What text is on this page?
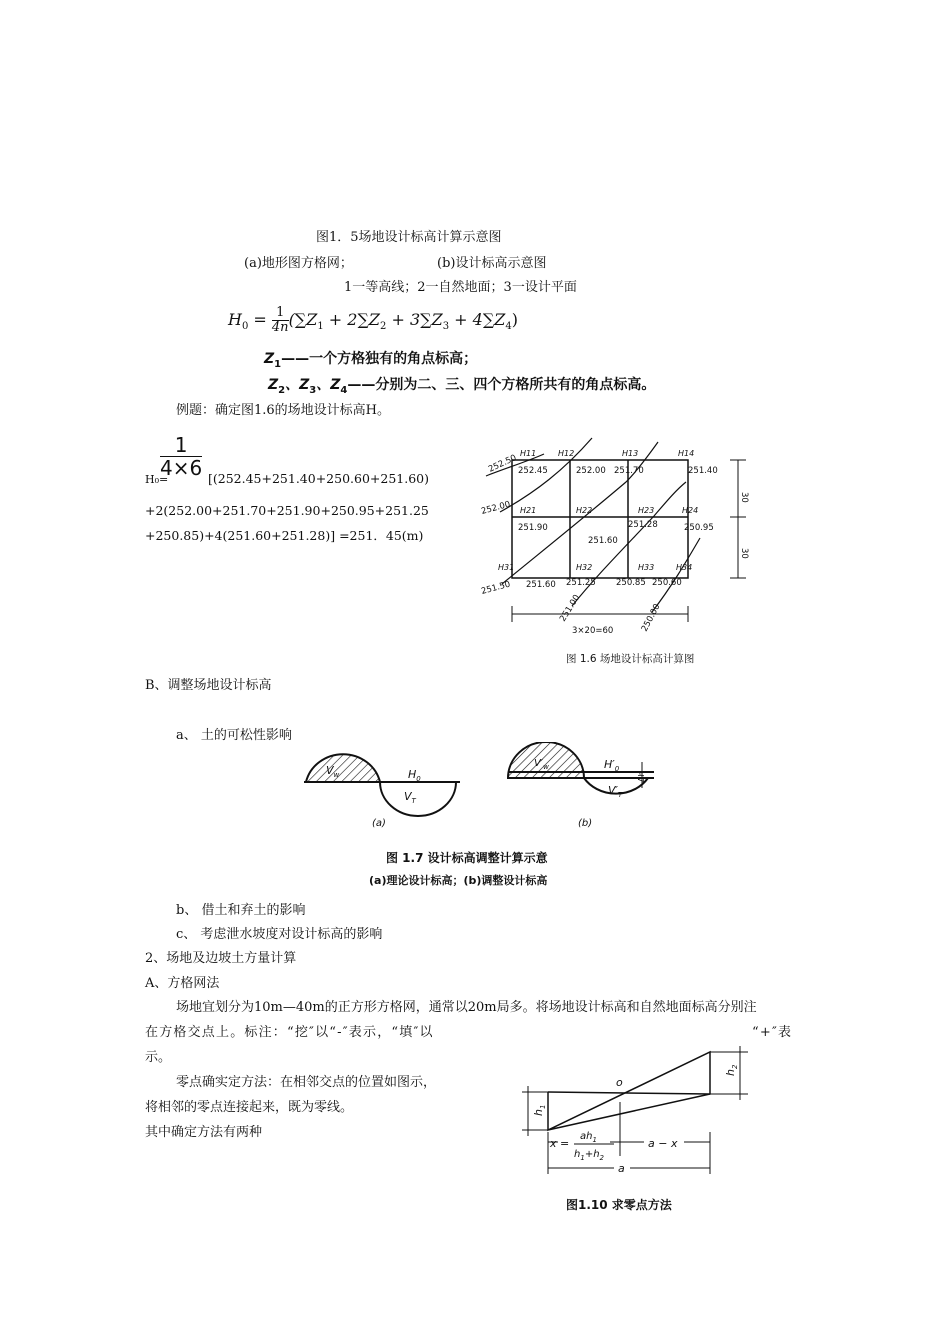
图1．5场地设计标高计算示意图
(a)地形图方格网；	(b)设计标高示意图
1一等高线；2一自然地面；3一设计平面
$H_0 = \frac{1}{4n} (\sum Z_1 + 2\sum Z_2 + 3\sum Z_3 + 4\sum Z_4)$
$Z_1——$一个方格独有的角点标高；
$Z_2$、$Z_3$、$Z_4——$分别为二、三、四个方格所共有的角点标高。
例题：确定图1.6的场地设计标高H。
$\frac{1}{4\times 6}$
H₀=	[(252.45+251.40+250.60+251.60)
+2(252.00+251.70+251.90+250.95+251.25
+250.85)+4(251.60+251.28)] =251．45(m)
252.50
252.00
251.50
251.00	250.00
H11	H12	H13	H14
H21	H22	H23	H24
H31	H32	H33	H34
252.45	252.00 251.70	251.40
251.90
251.60
251.28	250.95
251.60 251.25 250.85 250.60
3×20=60
30
30
图 1.6 场地设计标高计算图
B、调整场地设计标高
a、 土的可松性影响
$V_w$
$V_T$
$H_0$
$V'_w$	$H'_0$
$V'_T$
Δh
(a)	(b)
图 1.7 设计标高调整计算示意
(a)理论设计标高；(b)调整设计标高
b、 借土和弃土的影响
c、 考虑泄水坡度对设计标高的影响
2、场地及边坡土方量计算
A、方格网法
场地宜划分为10m—40m的正方形方格网，通常以20m局多。将场地设计标高和自然地面标高分别注
在方格交点上。标注：“挖″以“-″表示，“填″以	“+″表
示。
零点确实定方法：在相邻交点的位置如图示，
将相邻的零点连接起来，既为零线。
其中确定方法有两种
o
$h_1$
$h_2$
x =
$ah_1$
$h_1+h_2$
a − x
a
图1.10 求零点方法
